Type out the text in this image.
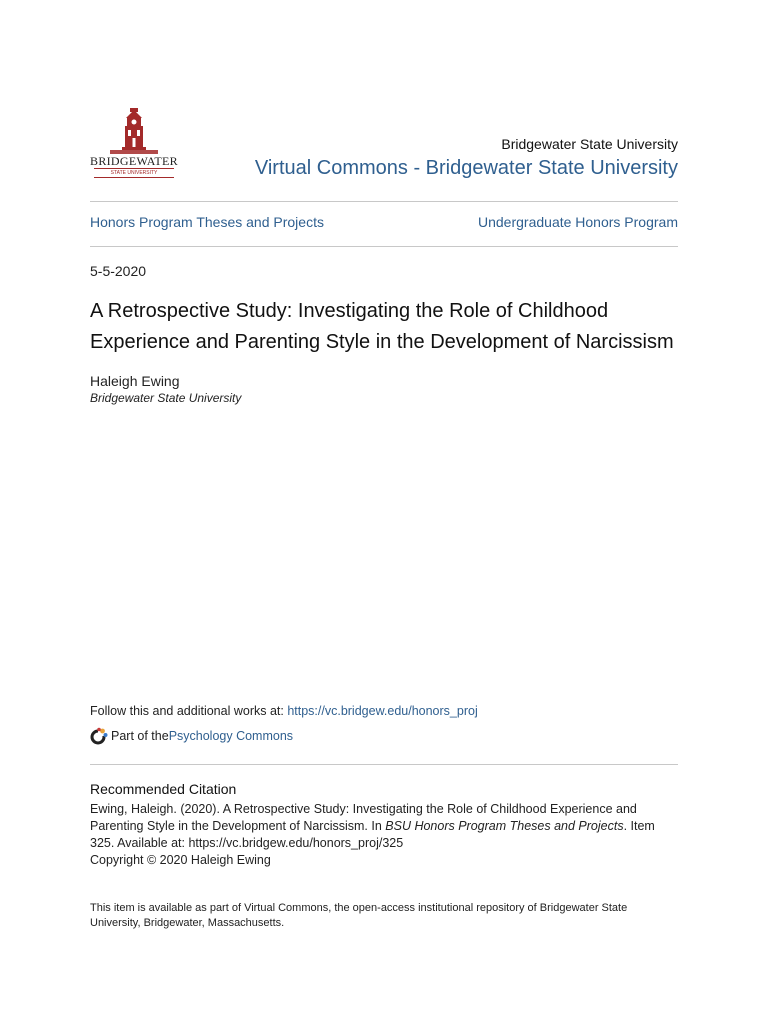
BRIDGEWATER
STATE UNIVERSITY
Bridgewater State University
Virtual Commons - Bridgewater State University
Honors Program Theses and Projects	Undergraduate Honors Program
5-5-2020
A Retrospective Study: Investigating the Role of Childhood
Experience and Parenting Style in the Development of Narcissism
Haleigh Ewing
Bridgewater State University
Follow this and additional works at: https://vc.bridgew.edu/honors_proj
Part of the Psychology Commons
Recommended Citation
Ewing, Haleigh. (2020). A Retrospective Study: Investigating the Role of Childhood Experience and Parenting Style in the Development of Narcissism. In BSU Honors Program Theses and Projects. Item 325. Available at: https://vc.bridgew.edu/honors_proj/325
Copyright © 2020 Haleigh Ewing
This item is available as part of Virtual Commons, the open-access institutional repository of Bridgewater State University, Bridgewater, Massachusetts.
